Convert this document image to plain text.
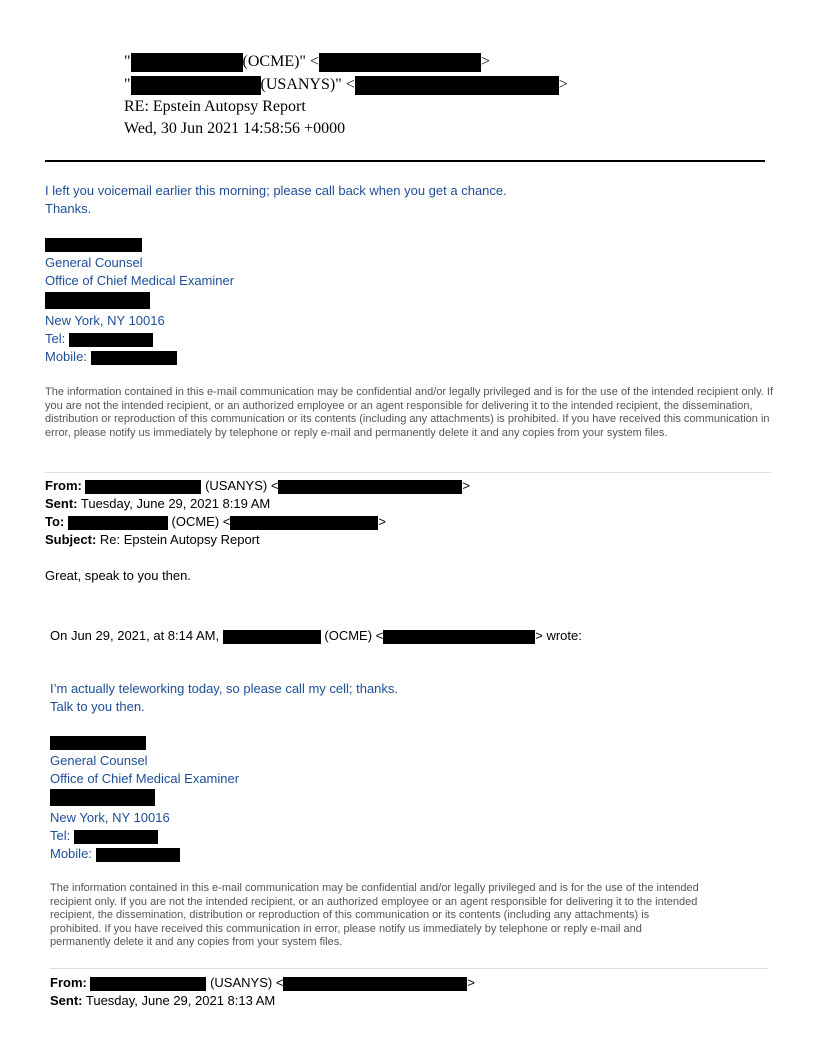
"	(OCME)" <	>
"	(USANYS)" <	>
RE: Epstein Autopsy Report
Wed, 30 Jun 2021 14:58:56 +0000
I left you voicemail earlier this morning; please call back when you get a chance.
Thanks.
General Counsel
Office of Chief Medical Examiner
New York, NY 10016
Tel:
Mobile:
The information contained in this e-mail communication may be confidential and/or legally privileged and is for the use of the intended recipient only. If you are not the intended recipient, or an authorized employee or an agent responsible for delivering it to the intended recipient, the dissemination, distribution or reproduction of this communication or its contents (including any attachments) is prohibited. If you have received this communication in error, please notify us immediately by telephone or reply e-mail and permanently delete it and any copies from your system files.
From:	(USANYS) <	>
Sent: Tuesday, June 29, 2021 8:19 AM
To:	(OCME) <	>
Subject: Re: Epstein Autopsy Report
Great, speak to you then.
On Jun 29, 2021, at 8:14 AM,	(OCME) <	> wrote:
I’m actually teleworking today, so please call my cell; thanks.
Talk to you then.
General Counsel
Office of Chief Medical Examiner
New York, NY 10016
Tel:
Mobile:

The information contained in this e-mail communication may be confidential and/or legally privileged and is for the use of the intended

recipient only. If you are not the intended recipient, or an authorized employee or an agent responsible for delivering it to the intended

recipient, the dissemination, distribution or reproduction of this communication or its contents (including any attachments) is

prohibited. If you have received this communication in error, please notify us immediately by telephone or reply e-mail and

permanently delete it and any copies from your system files.

From:	(USANYS) <	>
Sent: Tuesday, June 29, 2021 8:13 AM
